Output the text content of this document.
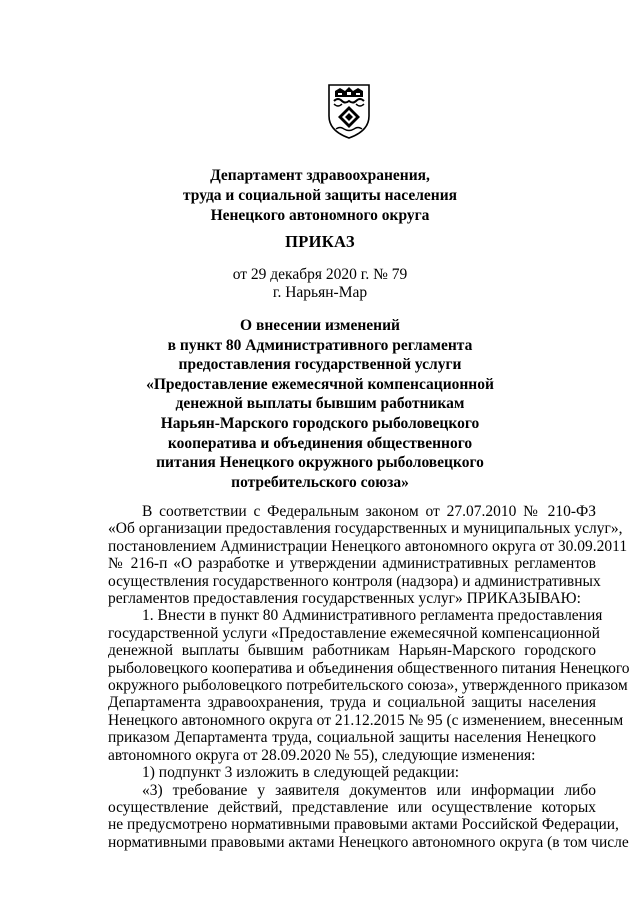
Департамент здравоохранения,
труда и социальной защиты населения
Ненецкого автономного округа
ПРИКАЗ
от 29 декабря 2020 г. № 79
г. Нарьян-Мар
О внесении изменений
в пункт 80 Административного регламента
предоставления государственной услуги
«Предоставление ежемесячной компенсационной
денежной выплаты бывшим работникам
Нарьян-Марского городского рыболовецкого
кооператива и объединения общественного
питания Ненецкого окружного рыболовецкого
потребительского союза»
В соответствии с Федеральным законом от 27.07.2010 № 210-ФЗ
«Об организации предоставления государственных и муниципальных услуг»,
постановлением Администрации Ненецкого автономного округа от 30.09.2011
№ 216-п «О разработке и утверждении административных регламентов
осуществления государственного контроля (надзора) и административных
регламентов предоставления государственных услуг» ПРИКАЗЫВАЮ:
1. Внести в пункт 80 Административного регламента предоставления
государственной услуги «Предоставление ежемесячной компенсационной
денежной выплаты бывшим работникам Нарьян-Марского городского
рыболовецкого кооператива и объединения общественного питания Ненецкого
окружного рыболовецкого потребительского союза», утвержденного приказом
Департамента здравоохранения, труда и социальной защиты населения
Ненецкого автономного округа от 21.12.2015 № 95 (с изменением, внесенным
приказом Департамента труда, социальной защиты населения Ненецкого
автономного округа от 28.09.2020 № 55), следующие изменения:
1) подпункт 3 изложить в следующей редакции:
«3) требование у заявителя документов или информации либо
осуществление действий, представление или осуществление которых
не предусмотрено нормативными правовыми актами Российской Федерации,
нормативными правовыми актами Ненецкого автономного округа (в том числе
